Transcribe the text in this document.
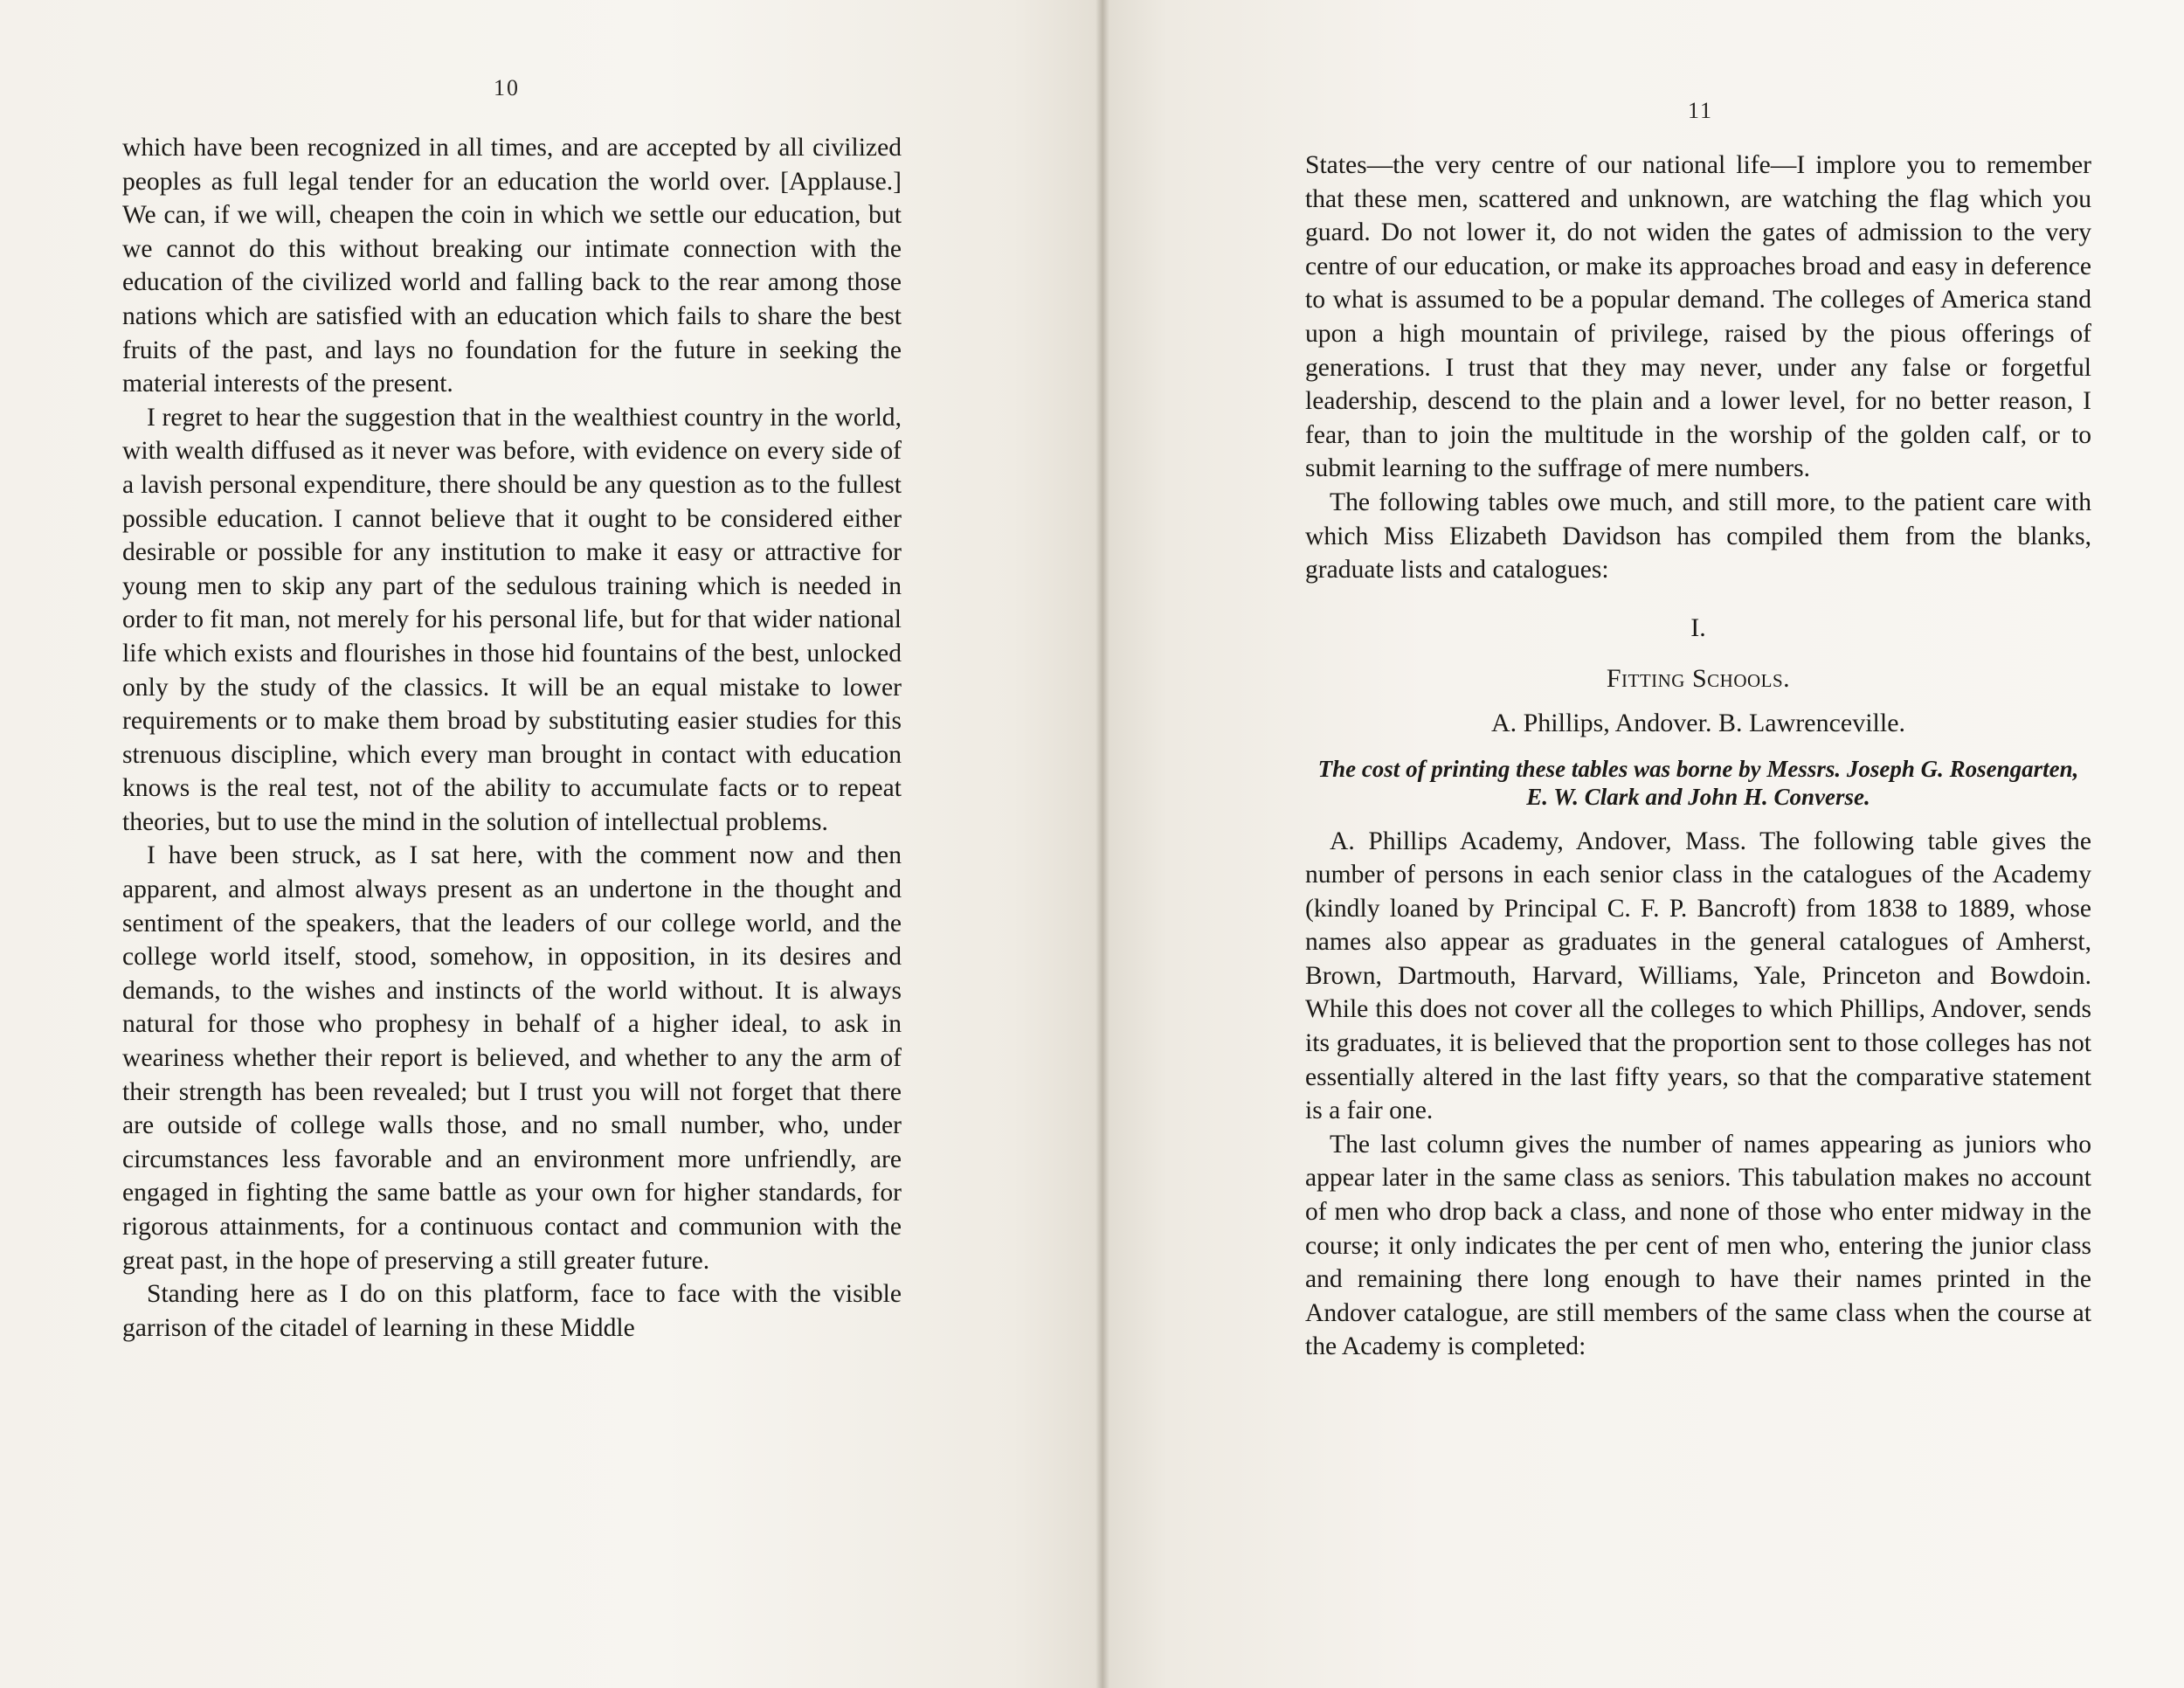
10

which have been recognized in all times, and are accepted by all civilized peoples as full legal tender for an education the world over. [Applause.] We can, if we will, cheapen the coin in which we settle our education, but we cannot do this without breaking our intimate connection with the education of the civilized world and falling back to the rear among those nations which are satisfied with an education which fails to share the best fruits of the past, and lays no foundation for the future in seeking the material interests of the present.

I regret to hear the suggestion that in the wealthiest country in the world, with wealth diffused as it never was before, with evidence on every side of a lavish personal expenditure, there should be any question as to the fullest possible education. I cannot believe that it ought to be considered either desirable or possible for any institution to make it easy or attractive for young men to skip any part of the sedulous training which is needed in order to fit man, not merely for his personal life, but for that wider national life which exists and flourishes in those hid fountains of the best, unlocked only by the study of the classics. It will be an equal mistake to lower requirements or to make them broad by substituting easier studies for this strenuous discipline, which every man brought in contact with education knows is the real test, not of the ability to accumulate facts or to repeat theories, but to use the mind in the solution of intellectual problems.

I have been struck, as I sat here, with the comment now and then apparent, and almost always present as an undertone in the thought and sentiment of the speakers, that the leaders of our college world, and the college world itself, stood, somehow, in opposition, in its desires and demands, to the wishes and instincts of the world without. It is always natural for those who prophesy in behalf of a higher ideal, to ask in weariness whether their report is believed, and whether to any the arm of their strength has been revealed; but I trust you will not forget that there are outside of college walls those, and no small number, who, under circumstances less favorable and an environment more unfriendly, are engaged in fighting the same battle as your own for higher standards, for rigorous attainments, for a continuous contact and communion with the great past, in the hope of preserving a still greater future.

Standing here as I do on this platform, face to face with the visible garrison of the citadel of learning in these Middle

11

States—the very centre of our national life—I implore you to remember that these men, scattered and unknown, are watching the flag which you guard. Do not lower it, do not widen the gates of admission to the very centre of our education, or make its approaches broad and easy in deference to what is assumed to be a popular demand. The colleges of America stand upon a high mountain of privilege, raised by the pious offerings of generations. I trust that they may never, under any false or forgetful leadership, descend to the plain and a lower level, for no better reason, I fear, than to join the multitude in the worship of the golden calf, or to submit learning to the suffrage of mere numbers.

The following tables owe much, and still more, to the patient care with which Miss Elizabeth Davidson has compiled them from the blanks, graduate lists and catalogues:

I.
Fitting Schools.
A. Phillips, Andover. B. Lawrenceville.
The cost of printing these tables was borne by Messrs. Joseph G. Rosengarten, E. W. Clark and John H. Converse.

A. Phillips Academy, Andover, Mass. The following table gives the number of persons in each senior class in the catalogues of the Academy (kindly loaned by Principal C. F. P. Bancroft) from 1838 to 1889, whose names also appear as graduates in the general catalogues of Amherst, Brown, Dartmouth, Harvard, Williams, Yale, Princeton and Bowdoin. While this does not cover all the colleges to which Phillips, Andover, sends its graduates, it is believed that the proportion sent to those colleges has not essentially altered in the last fifty years, so that the comparative statement is a fair one.

The last column gives the number of names appearing as juniors who appear later in the same class as seniors. This tabulation makes no account of men who drop back a class, and none of those who enter midway in the course; it only indicates the per cent of men who, entering the junior class and remaining there long enough to have their names printed in the Andover catalogue, are still members of the same class when the course at the Academy is completed:
